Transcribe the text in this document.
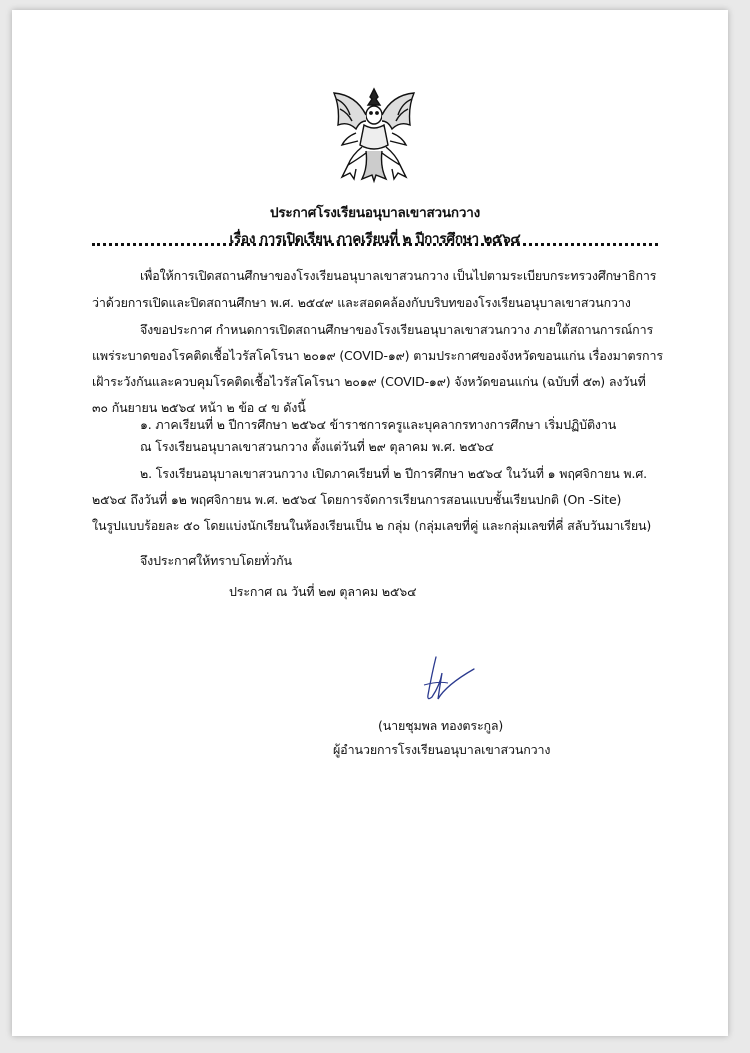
ประกาศโรงเรียนอนุบาลเขาสวนกวาง
เรื่อง การเปิดเรียน ภาคเรียนที่ ๒ ปีการศึกษา ๒๕๖๔
เพื่อให้การเปิดสถานศึกษาของโรงเรียนอนุบาลเขาสวนกวาง เป็นไปตามระเบียบกระทรวงศึกษาธิการ
ว่าด้วยการเปิดและปิดสถานศึกษา พ.ศ. ๒๕๔๙ และสอดคล้องกับบริบทของโรงเรียนอนุบาลเขาสวนกวาง
จึงขอประกาศ กำหนดการเปิดสถานศึกษาของโรงเรียนอนุบาลเขาสวนกวาง ภายใต้สถานการณ์การ
แพร่ระบาดของโรคติดเชื้อไวรัสโคโรนา ๒๐๑๙ (COVID-๑๙) ตามประกาศของจังหวัดขอนแก่น เรื่องมาตรการ
เฝ้าระวังกันและควบคุมโรคติดเชื้อไวรัสโคโรนา ๒๐๑๙ (COVID-๑๙) จังหวัดขอนแก่น (ฉบับที่ ๕๓) ลงวันที่
๓๐ กันยายน ๒๕๖๔ หน้า ๒ ข้อ ๔ ข ดังนี้
๑. ภาคเรียนที่ ๒ ปีการศึกษา ๒๕๖๔ ข้าราชการครูและบุคลากรทางการศึกษา เริ่มปฏิบัติงาน
ณ โรงเรียนอนุบาลเขาสวนกวาง ตั้งแต่วันที่ ๒๙ ตุลาคม พ.ศ. ๒๕๖๔
๒. โรงเรียนอนุบาลเขาสวนกวาง เปิดภาคเรียนที่ ๒ ปีการศึกษา ๒๕๖๔ ในวันที่ ๑ พฤศจิกายน พ.ศ.
๒๕๖๔ ถึงวันที่ ๑๒ พฤศจิกายน พ.ศ. ๒๕๖๔ โดยการจัดการเรียนการสอนแบบชั้นเรียนปกติ (On -Site)
ในรูปแบบร้อยละ ๕๐ โดยแบ่งนักเรียนในห้องเรียนเป็น ๒ กลุ่ม (กลุ่มเลขที่คู่ และกลุ่มเลขที่คี่ สลับวันมาเรียน)
จึงประกาศให้ทราบโดยทั่วกัน
ประกาศ ณ วันที่ ๒๗ ตุลาคม ๒๕๖๔
(นายชุมพล ทองตระกูล)
ผู้อำนวยการโรงเรียนอนุบาลเขาสวนกวาง
